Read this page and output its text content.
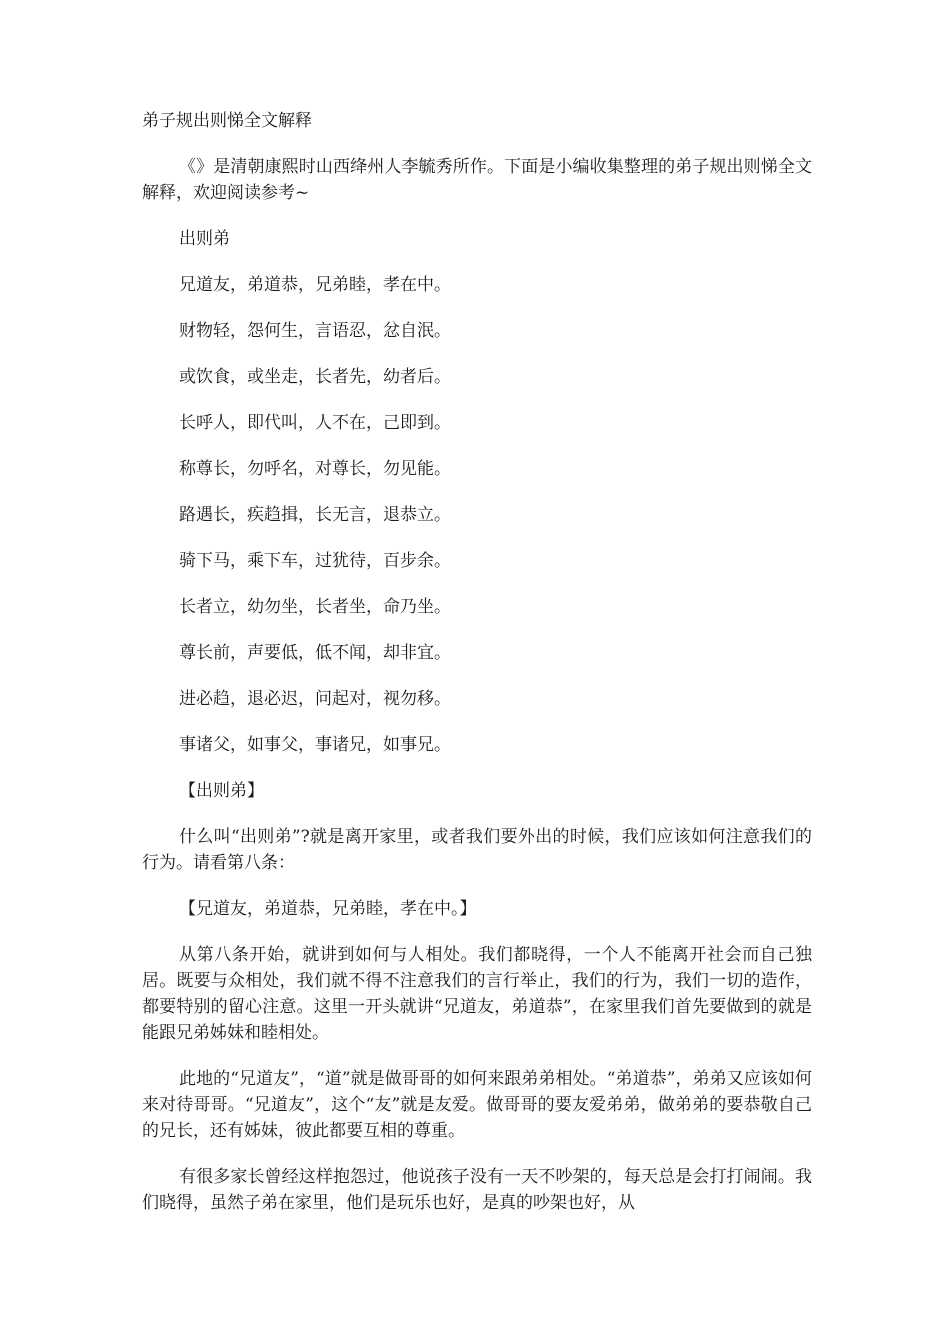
弟子规出则悌全文解释

《》是清朝康熙时山西绛州人李毓秀所作。下面是小编收集整理的弟子规出则悌全文解释，欢迎阅读参考~

出则弟

兄道友，弟道恭，兄弟睦，孝在中。

财物轻，怨何生，言语忍，忿自泯。

或饮食，或坐走，长者先，幼者后。

长呼人，即代叫，人不在，己即到。

称尊长，勿呼名，对尊长，勿见能。

路遇长，疾趋揖，长无言，退恭立。

骑下马，乘下车，过犹待，百步余。

长者立，幼勿坐，长者坐，命乃坐。

尊长前，声要低，低不闻，却非宜。

进必趋，退必迟，问起对，视勿移。

事诸父，如事父，事诸兄，如事兄。

【出则弟】

什么叫“出则弟”?就是离开家里，或者我们要外出的时候，我们应该如何注意我们的行为。请看第八条：

【兄道友，弟道恭，兄弟睦，孝在中。】

从第八条开始，就讲到如何与人相处。我们都晓得，一个人不能离开社会而自己独居。既要与众相处，我们就不得不注意我们的言行举止，我们的行为，我们一切的造作，都要特别的留心注意。这里一开头就讲“兄道友，弟道恭”，在家里我们首先要做到的就是能跟兄弟姊妹和睦相处。

此地的“兄道友”，“道”就是做哥哥的如何来跟弟弟相处。“弟道恭”，弟弟又应该如何来对待哥哥。“兄道友”，这个“友”就是友爱。做哥哥的要友爱弟弟，做弟弟的要恭敬自己的兄长，还有姊妹，彼此都要互相的尊重。

有很多家长曾经这样抱怨过，他说孩子没有一天不吵架的，每天总是会打打闹闹。我们晓得，虽然子弟在家里，他们是玩乐也好，是真的吵架也好，从
